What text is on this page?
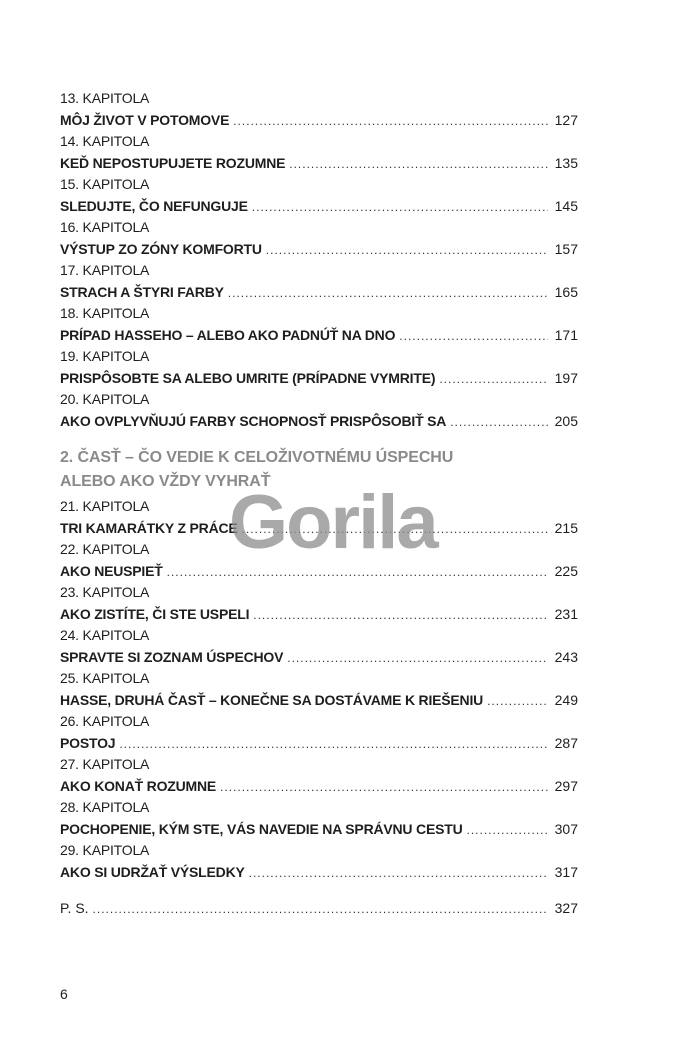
13. KAPITOLA
MÔJ ŽIVOT V POTOMOVE .....	127
14. KAPITOLA
KEĎ NEPOSTUPUJETE ROZUMNE .....	135
15. KAPITOLA
SLEDUJTE, ČO NEFUNGUJE .....	145
16. KAPITOLA
VÝSTUP ZO ZÓNY KOMFORTU .....	157
17. KAPITOLA
STRACH A ŠTYRI FARBY .....	165
18. KAPITOLA
PRÍPAD HASSEHO – ALEBO AKO PADNÚŤ NA DNO .....	171
19. KAPITOLA
PRISPÔSOBTE SA ALEBO UMRITE (PRÍPADNE VYMRITE) .....	197
20. KAPITOLA
AKO OVPLYVŇUJÚ FARBY SCHOPNOSŤ PRISPÔSOBIŤ SA .....	205
2. ČASŤ – ČO VEDIE K CELOŽIVOTNÉMU ÚSPECHU
ALEBO AKO VŽDY VYHRAŤ
21. KAPITOLA
TRI KAMARÁTKY Z PRÁCE .....	215
22. KAPITOLA
AKO NEUSPIEŤ .....	225
23. KAPITOLA
AKO ZISTÍTE, ČI STE USPELI .....	231
24. KAPITOLA
SPRAVTE SI ZOZNAM ÚSPECHOV .....	243
25. KAPITOLA
HASSE, DRUHÁ ČASŤ – KONEČNE SA DOSTÁVAME K RIEŠENIU .....	249
26. KAPITOLA
POSTOJ .....	287
27. KAPITOLA
AKO KONAŤ ROZUMNE .....	297
28. KAPITOLA
POCHOPENIE, KÝM STE, VÁS NAVEDIE NA SPRÁVNU CESTU .....	307
29. KAPITOLA
AKO SI UDRŽAŤ VÝSLEDKY .....	317
P. S. .....	327
6
Gorila
